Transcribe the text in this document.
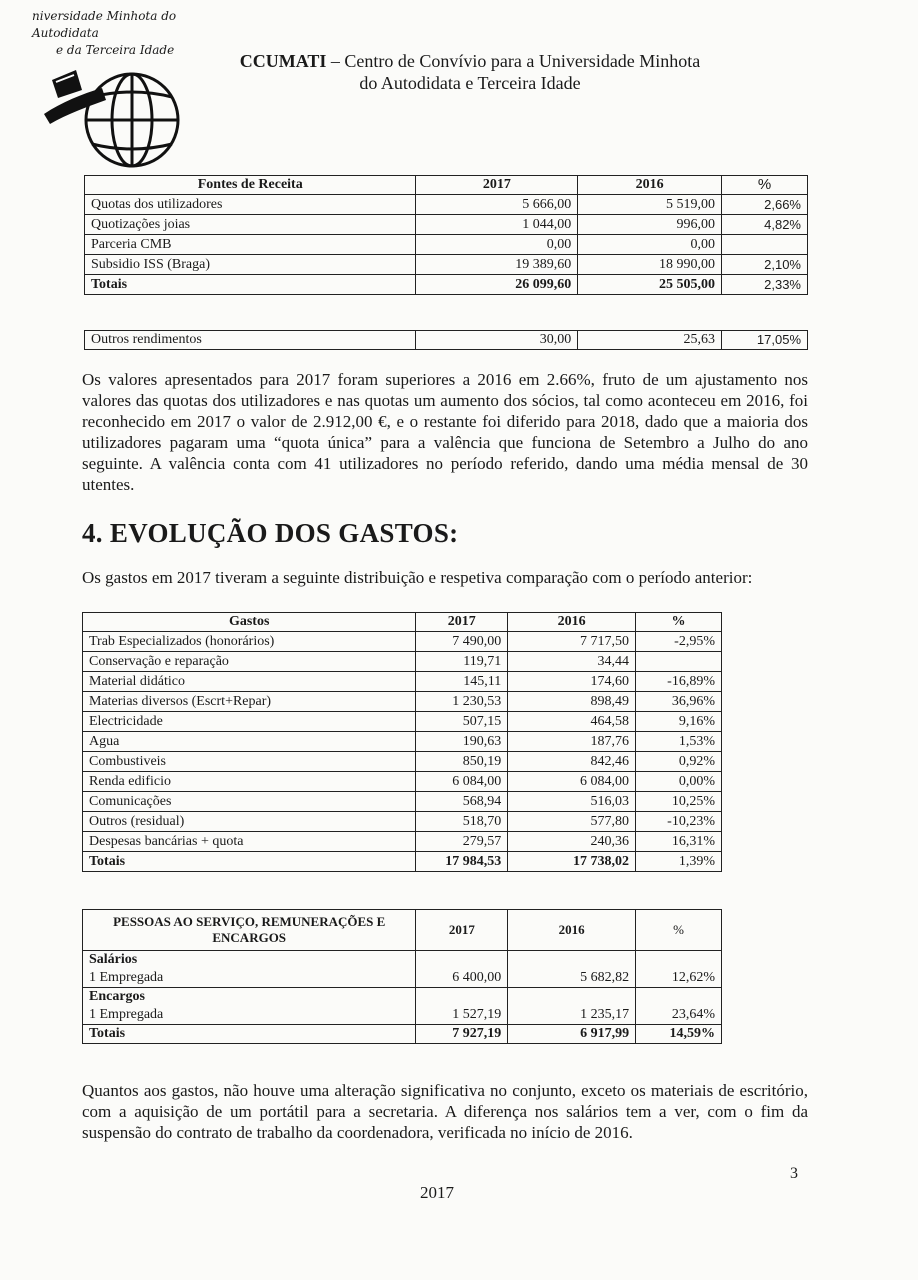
niversidade Minhota do Autodidata
e da Terceira Idade
CCUMATI – Centro de Convívio para a Universidade Minhota
do Autodidata e Terceira Idade
Fontes de Receita	2017	2016	%
Quotas dos utilizadores	5 666,00	5 519,00	2,66%
Quotizações joias	1 044,00	996,00	4,82%
Parceria CMB	0,00	0,00	
Subsidio ISS (Braga)	19 389,60	18 990,00	2,10%
Totais	26 099,60	25 505,00	2,33%
Outros rendimentos	30,00	25,63	17,05%

Os valores apresentados para 2017 foram superiores a 2016 em 2.66%, fruto de um ajustamento nos valores das quotas dos utilizadores e nas quotas um aumento dos sócios, tal como aconteceu em 2016, foi reconhecido em 2017 o valor de 2.912,00 €, e o restante foi diferido para 2018, dado que a maioria dos utilizadores pagaram uma “quota única” para a valência que funciona de Setembro a Julho do ano seguinte. A valência conta com 41 utilizadores no período referido, dando uma média mensal de 30 utentes.

4. EVOLUÇÃO DOS GASTOS:

Os gastos em 2017 tiveram a seguinte distribuição e respetiva comparação com o período anterior:

Gastos	2017	2016	%
Trab Especializados (honorários)	7 490,00	7 717,50	-2,95%
Conservação e reparação	119,71	34,44	
Material didático	145,11	174,60	-16,89%
Materias diversos (Escrt+Repar)	1 230,53	898,49	36,96%
Electricidade	507,15	464,58	9,16%
Agua	190,63	187,76	1,53%
Combustiveis	850,19	842,46	0,92%
Renda edificio	6 084,00	6 084,00	0,00%
Comunicações	568,94	516,03	10,25%
Outros (residual)	518,70	577,80	-10,23%
Despesas bancárias + quota	279,57	240,36	16,31%
Totais	17 984,53	17 738,02	1,39%
PESSOAS AO SERVIÇO, REMUNERAÇÕES E ENCARGOS	2017	2016	%

Salários
1 Empregada	6 400,00	5 682,82	12,62%

Encargos
1 Empregada	1 527,19	1 235,17	23,64%
Totais	7 927,19	6 917,99	14,59%

Quantos aos gastos, não houve uma alteração significativa no conjunto, exceto os materiais de escritório, com a aquisição de um portátil para a secretaria. A diferença nos salários tem a ver, com o fim da suspensão do contrato de trabalho da coordenadora, verificada no início de 2016.

3
2017
